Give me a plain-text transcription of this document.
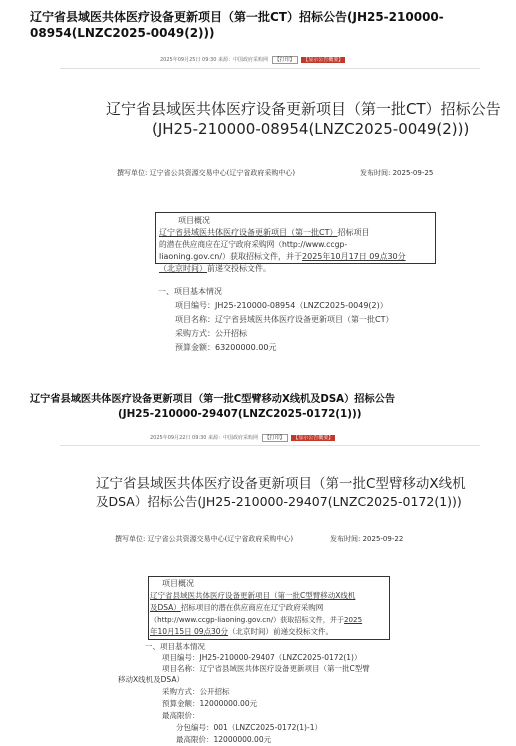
辽宁省县域医共体医疗设备更新项目（第一批CT）招标公告(JH25-210000-
08954(LNZC2025-0049(2)))
2025年09月25日 09:30 来源：中国政府采购网 【打印】 【显示公告概要】
辽宁省县域医共体医疗设备更新项目（第一批CT）招标公告
(JH25-210000-08954(LNZC2025-0049(2)))
撰写单位: 辽宁省公共资源交易中心(辽宁省政府采购中心)	发布时间: 2025-09-25
项目概况
辽宁省县域医共体医疗设备更新项目（第一批CT）招标项目
的潜在供应商应在辽宁政府采购网（http://www.ccgp-
liaoning.gov.cn/）获取招标文件，并于2025年10月17日 09点30分
（北京时间）前递交投标文件。
一、项目基本情况
项目编号：JH25-210000-08954（LNZC2025-0049(2)）
项目名称：辽宁省县域医共体医疗设备更新项目（第一批CT）
采购方式：公开招标
预算金额：63200000.00元
辽宁省县域医共体医疗设备更新项目（第一批C型臂移动X线机及DSA）招标公告
(JH25-210000-29407(LNZC2025-0172(1)))
2025年09月22日 09:30 来源：中国政府采购网 【打印】 【显示公告概要】
辽宁省县域医共体医疗设备更新项目（第一批C型臂移动X线机
及DSA）招标公告(JH25-210000-29407(LNZC2025-0172(1)))
撰写单位: 辽宁省公共资源交易中心(辽宁省政府采购中心)	发布时间: 2025-09-22
项目概况
辽宁省县域医共体医疗设备更新项目（第一批C型臂移动X线机
及DSA）招标项目的潜在供应商应在辽宁政府采购网
（http://www.ccgp-liaoning.gov.cn/）获取招标文件，并于2025
年10月15日 09点30分（北京时间）前递交投标文件。
一、项目基本情况
项目编号：JH25-210000-29407（LNZC2025-0172(1)）
项目名称：辽宁省县域医共体医疗设备更新项目（第一批C型臂
移动X线机及DSA）
采购方式：公开招标
预算金额：12000000.00元
最高限价：
分包编号：001（LNZC2025-0172(1)-1）
最高限价：12000000.00元
